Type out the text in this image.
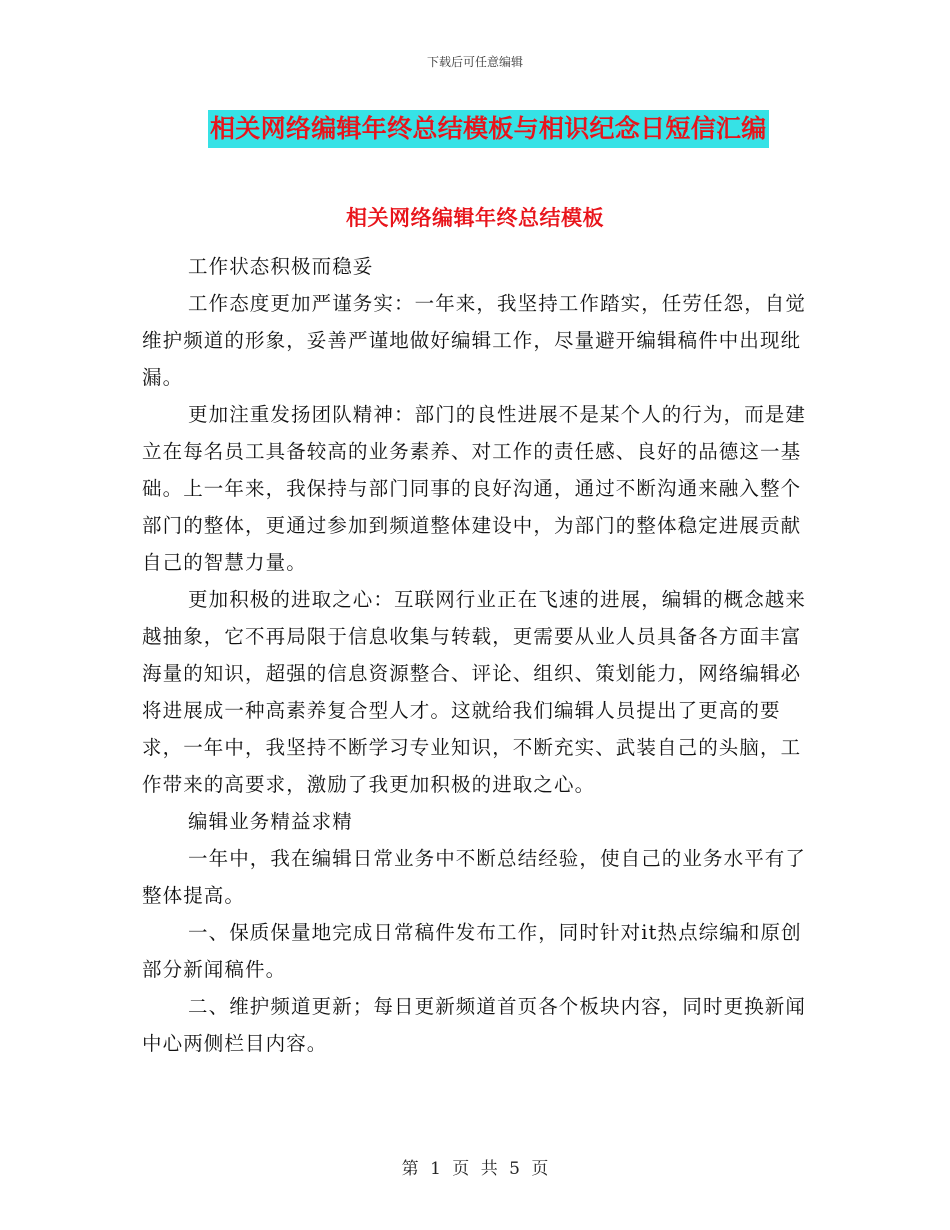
下载后可任意编辑
相关网络编辑年终总结模板与相识纪念日短信汇编
相关网络编辑年终总结模板

工作状态积极而稳妥

工作态度更加严谨务实：一年来，我坚持工作踏实，任劳任怨，自觉维护频道的形象，妥善严谨地做好编辑工作，尽量避开编辑稿件中出现纰漏。

更加注重发扬团队精神：部门的良性进展不是某个人的行为，而是建立在每名员工具备较高的业务素养、对工作的责任感、良好的品德这一基础。上一年来，我保持与部门同事的良好沟通，通过不断沟通来融入整个部门的整体，更通过参加到频道整体建设中，为部门的整体稳定进展贡献自己的智慧力量。

更加积极的进取之心：互联网行业正在飞速的进展，编辑的概念越来越抽象，它不再局限于信息收集与转载，更需要从业人员具备各方面丰富海量的知识，超强的信息资源整合、评论、组织、策划能力，网络编辑必将进展成一种高素养复合型人才。这就给我们编辑人员提出了更高的要求，一年中，我坚持不断学习专业知识，不断充实、武装自己的头脑，工作带来的高要求，激励了我更加积极的进取之心。

编辑业务精益求精

一年中，我在编辑日常业务中不断总结经验，使自己的业务水平有了整体提高。

一、保质保量地完成日常稿件发布工作，同时针对it热点综编和原创部分新闻稿件。

二、维护频道更新；每日更新频道首页各个板块内容，同时更换新闻中心两侧栏目内容。

第 1 页 共 5 页
